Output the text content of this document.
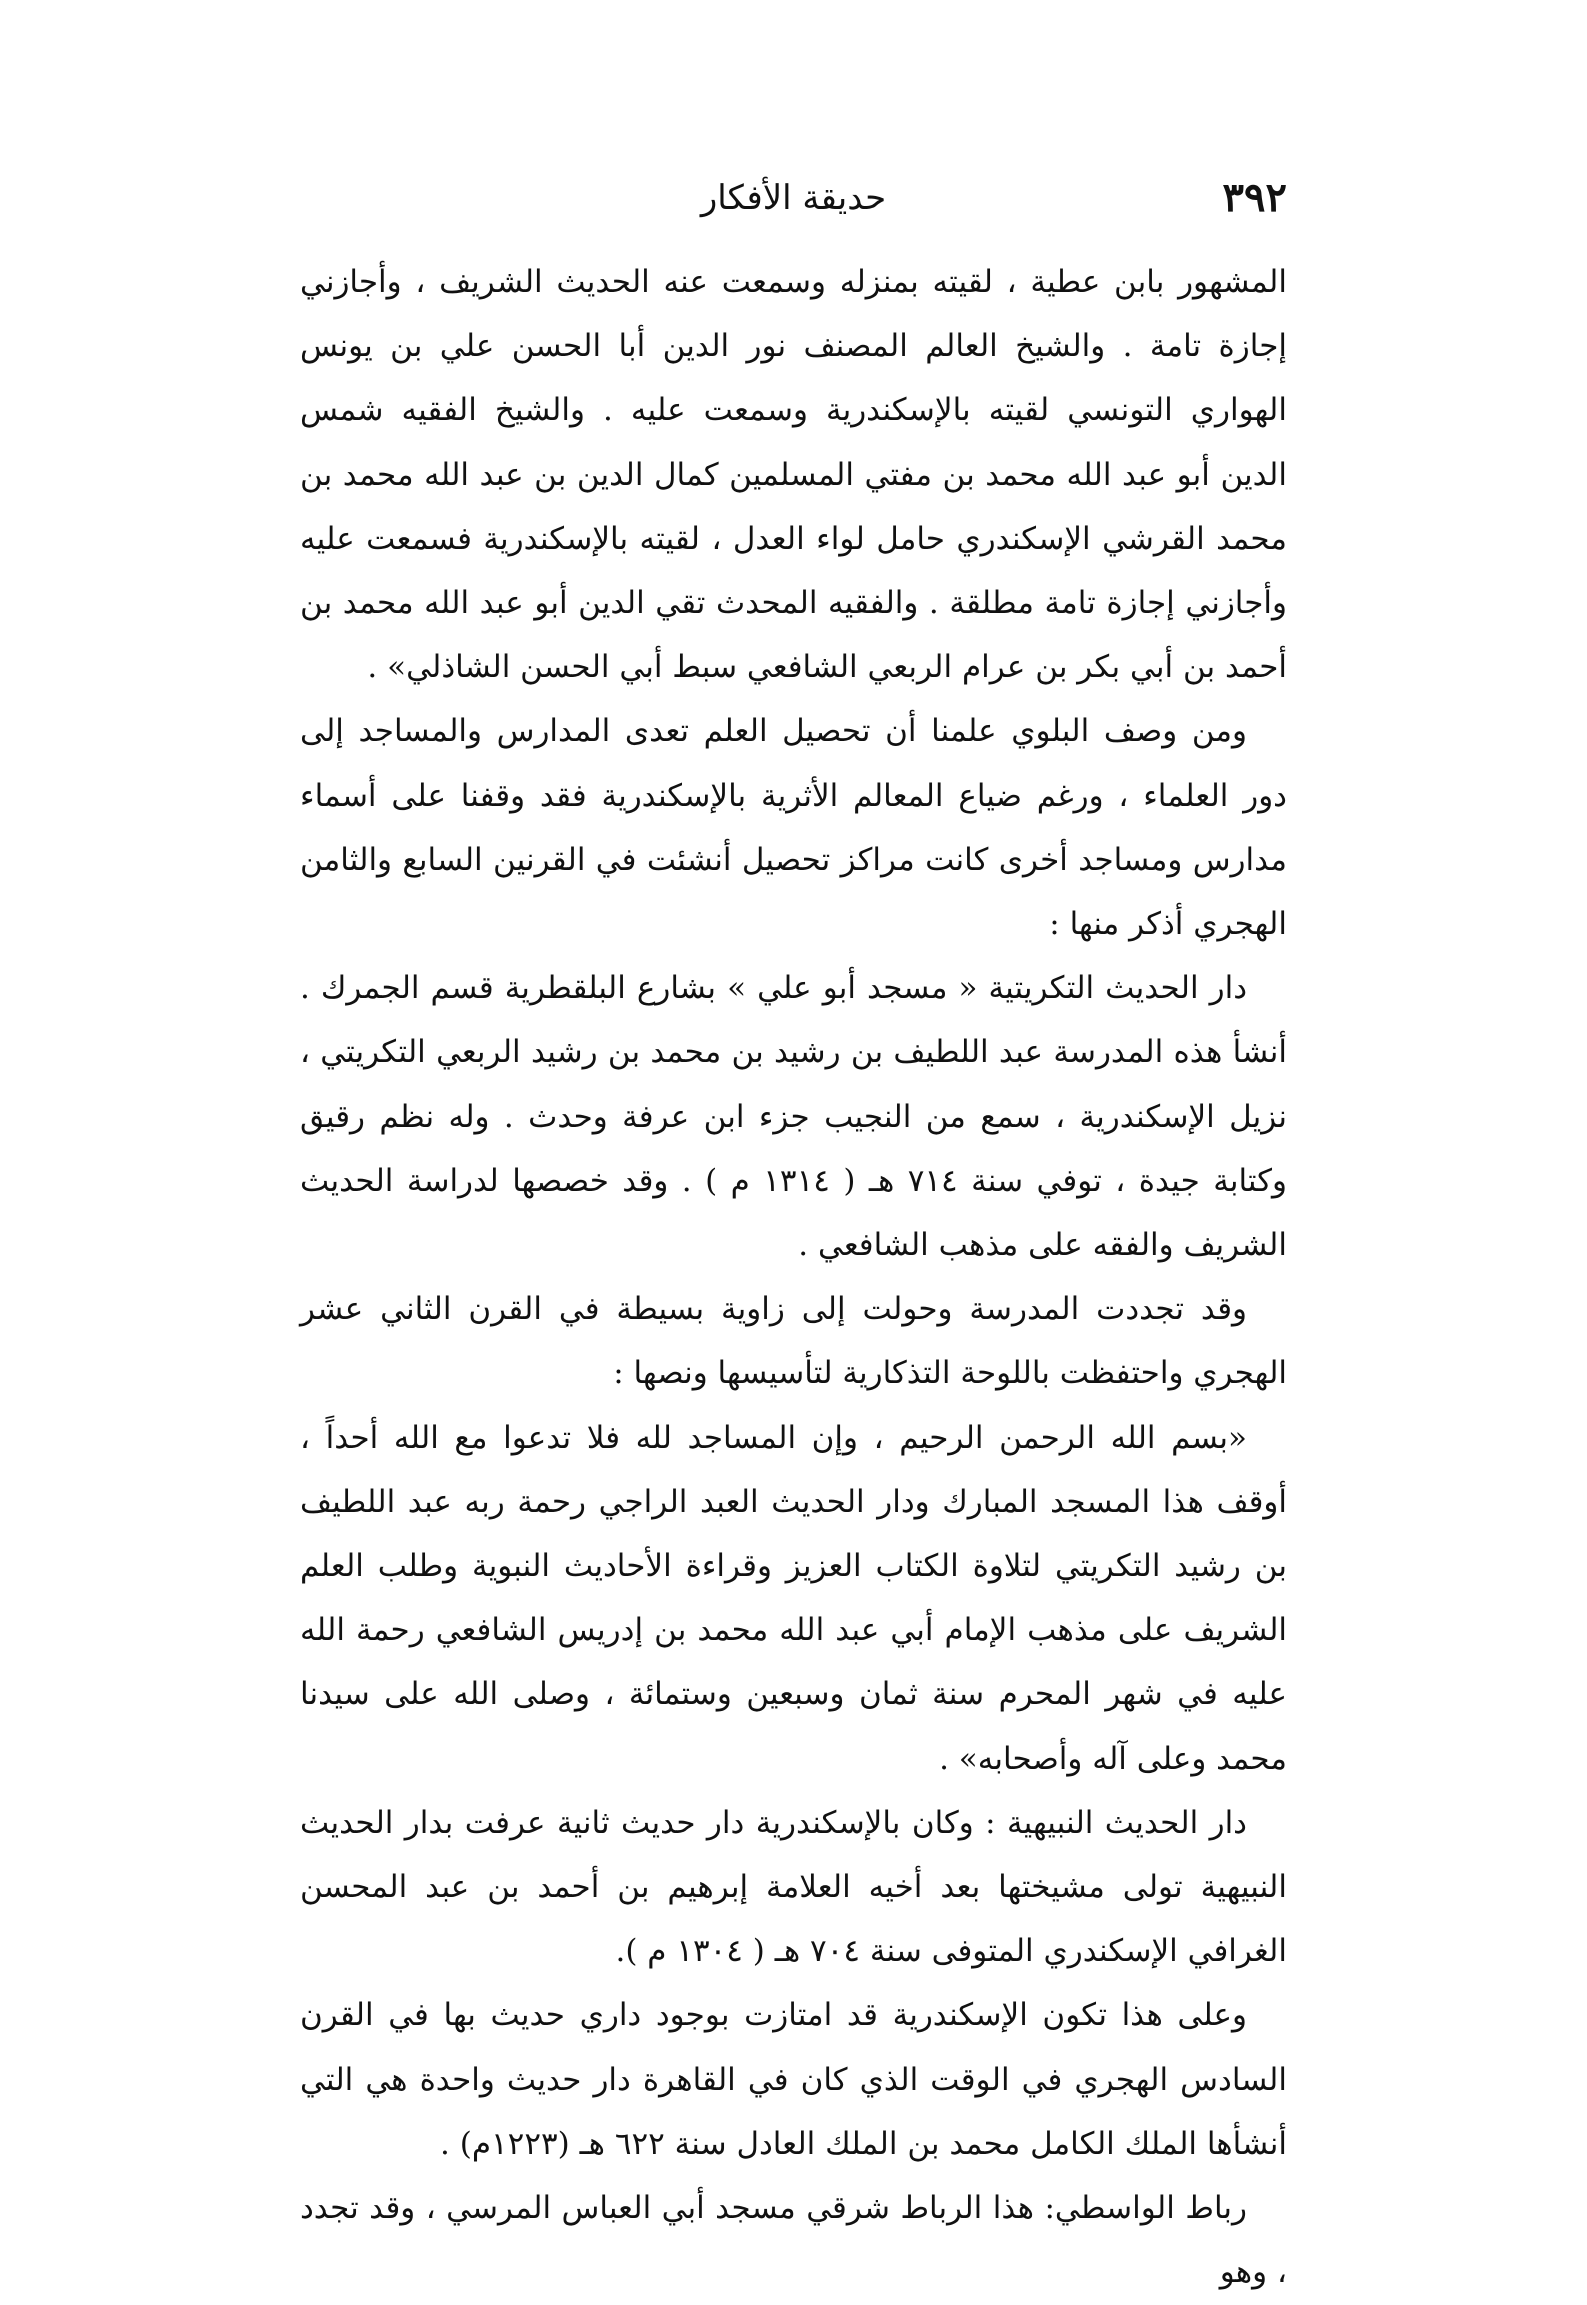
٣٩٢
حديقة الأفكار

المشهور بابن عطية ، لقيته بمنزله وسمعت عنه الحديث الشريف ، وأجازني إجازة تامة . والشيخ العالم المصنف نور الدين أبا الحسن علي بن يونس الهواري التونسي لقيته بالإسكندرية وسمعت عليه . والشيخ الفقيه شمس الدين أبو عبد الله محمد بن مفتي المسلمين كمال الدين بن عبد الله محمد بن محمد القرشي الإسكندري حامل لواء العدل ، لقيته بالإسكندرية فسمعت عليه وأجازني إجازة تامة مطلقة . والفقيه المحدث تقي الدين أبو عبد الله محمد بن أحمد بن أبي بكر بن عرام الربعي الشافعي سبط أبي الحسن الشاذلي» .

ومن وصف البلوي علمنا أن تحصيل العلم تعدى المدارس والمساجد إلى دور العلماء ، ورغم ضياع المعالم الأثرية بالإسكندرية فقد وقفنا على أسماء مدارس ومساجد أخرى كانت مراكز تحصيل أنشئت في القرنين السابع والثامن الهجري أذكر منها :

دار الحديث التكريتية « مسجد أبو علي » بشارع البلقطرية قسم الجمرك . أنشأ هذه المدرسة عبد اللطيف بن رشيد بن محمد بن رشيد الربعي التكريتي ، نزيل الإسكندرية ، سمع من النجيب جزء ابن عرفة وحدث . وله نظم رقيق وكتابة جيدة ، توفي سنة ٧١٤ هـ ( ١٣١٤ م ) . وقد خصصها لدراسة الحديث الشريف والفقه على مذهب الشافعي .

وقد تجددت المدرسة وحولت إلى زاوية بسيطة في القرن الثاني عشر الهجري واحتفظت باللوحة التذكارية لتأسيسها ونصها :

«بسم الله الرحمن الرحيم ، وإن المساجد لله فلا تدعوا مع الله أحداً ، أوقف هذا المسجد المبارك ودار الحديث العبد الراجي رحمة ربه عبد اللطيف بن رشيد التكريتي لتلاوة الكتاب العزيز وقراءة الأحاديث النبوية وطلب العلم الشريف على مذهب الإمام أبي عبد الله محمد بن إدريس الشافعي رحمة الله عليه في شهر المحرم سنة ثمان وسبعين وستمائة ، وصلى الله على سيدنا محمد وعلى آله وأصحابه» .

دار الحديث النبيهية : وكان بالإسكندرية دار حديث ثانية عرفت بدار الحديث النبيهية تولى مشيختها بعد أخيه العلامة إبرهيم بن أحمد بن عبد المحسن الغرافي الإسكندري المتوفى سنة ٧٠٤ هـ ( ١٣٠٤ م ).

وعلى هذا تكون الإسكندرية قد امتازت بوجود داري حديث بها في القرن السادس الهجري في الوقت الذي كان في القاهرة دار حديث واحدة هي التي أنشأها الملك الكامل محمد بن الملك العادل سنة ٦٢٢ هـ (١٢٢٣م) .

رباط الواسطي: هذا الرباط شرقي مسجد أبي العباس المرسي ، وقد تجدد ، وهو
